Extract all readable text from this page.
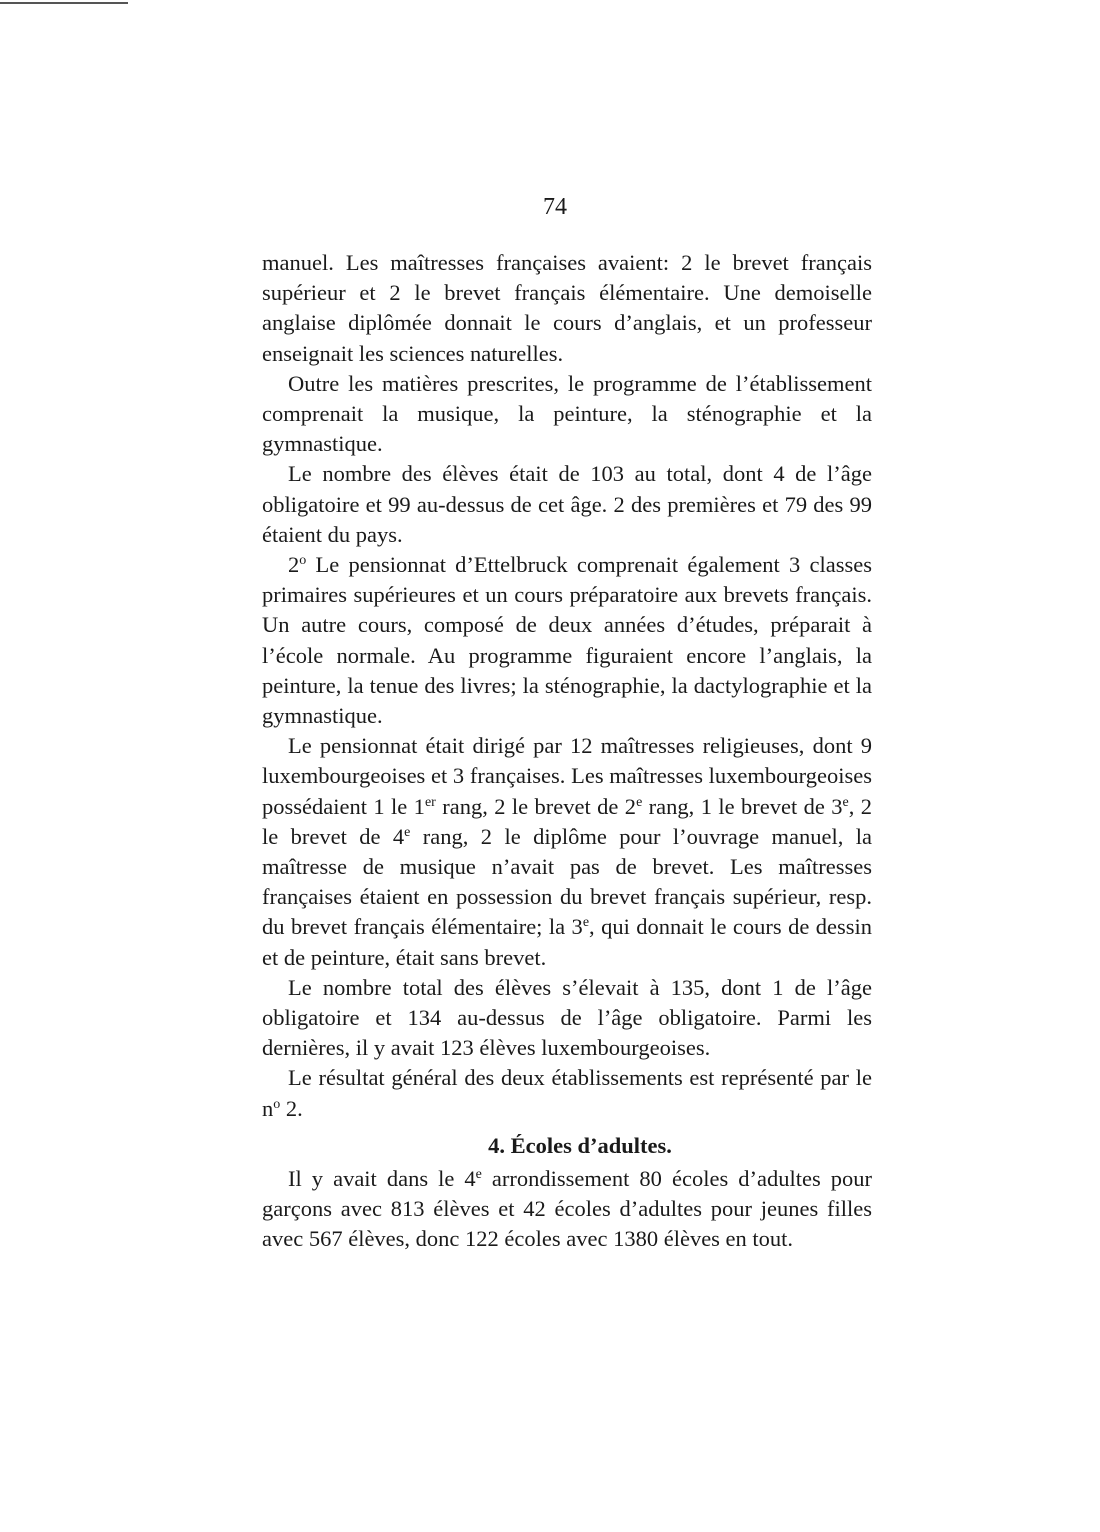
74

manuel. Les maîtresses françaises avaient: 2 le brevet français supérieur et 2 le brevet français élémentaire. Une demoiselle anglaise diplômée donnait le cours d’anglais, et un professeur enseignait les sciences naturelles.

Outre les matières prescrites, le programme de l’établissement comprenait la musique, la peinture, la sténographie et la gymnastique.

Le nombre des élèves était de 103 au total, dont 4 de l’âge obligatoire et 99 au-dessus de cet âge. 2 des premières et 79 des 99 étaient du pays.

2$^o$ Le pensionnat d’Ettelbruck comprenait également 3 classes primaires supérieures et un cours préparatoire aux brevets français. Un autre cours, composé de deux années d’études, préparait à l’école normale. Au programme figuraient encore l’anglais, la peinture, la tenue des livres; la sténographie, la dactylographie et la gymnastique.

Le pensionnat était dirigé par 12 maîtresses religieuses, dont 9 luxembourgeoises et 3 françaises. Les maîtresses luxembourgeoises possédaient 1 le 1er rang, 2 le brevet de 2e rang, 1 le brevet de 3e, 2 le brevet de 4e rang, 2 le diplôme pour l’ouvrage manuel, la maîtresse de musique n’avait pas de brevet. Les maîtresses françaises étaient en possession du brevet français supérieur, resp. du brevet français élémentaire; la 3e, qui donnait le cours de dessin et de peinture, était sans brevet.

Le nombre total des élèves s’élevait à 135, dont 1 de l’âge obligatoire et 134 au-dessus de l’âge obligatoire. Parmi les dernières, il y avait 123 élèves luxembourgeoises.

Le résultat général des deux établissements est représenté par le $n^o$ 2.

4. Écoles d’adultes.

Il y avait dans le 4e arrondissement 80 écoles d’adultes pour garçons avec 813 élèves et 42 écoles d’adultes pour jeunes filles avec 567 élèves, donc 122 écoles avec 1380 élèves en tout.
